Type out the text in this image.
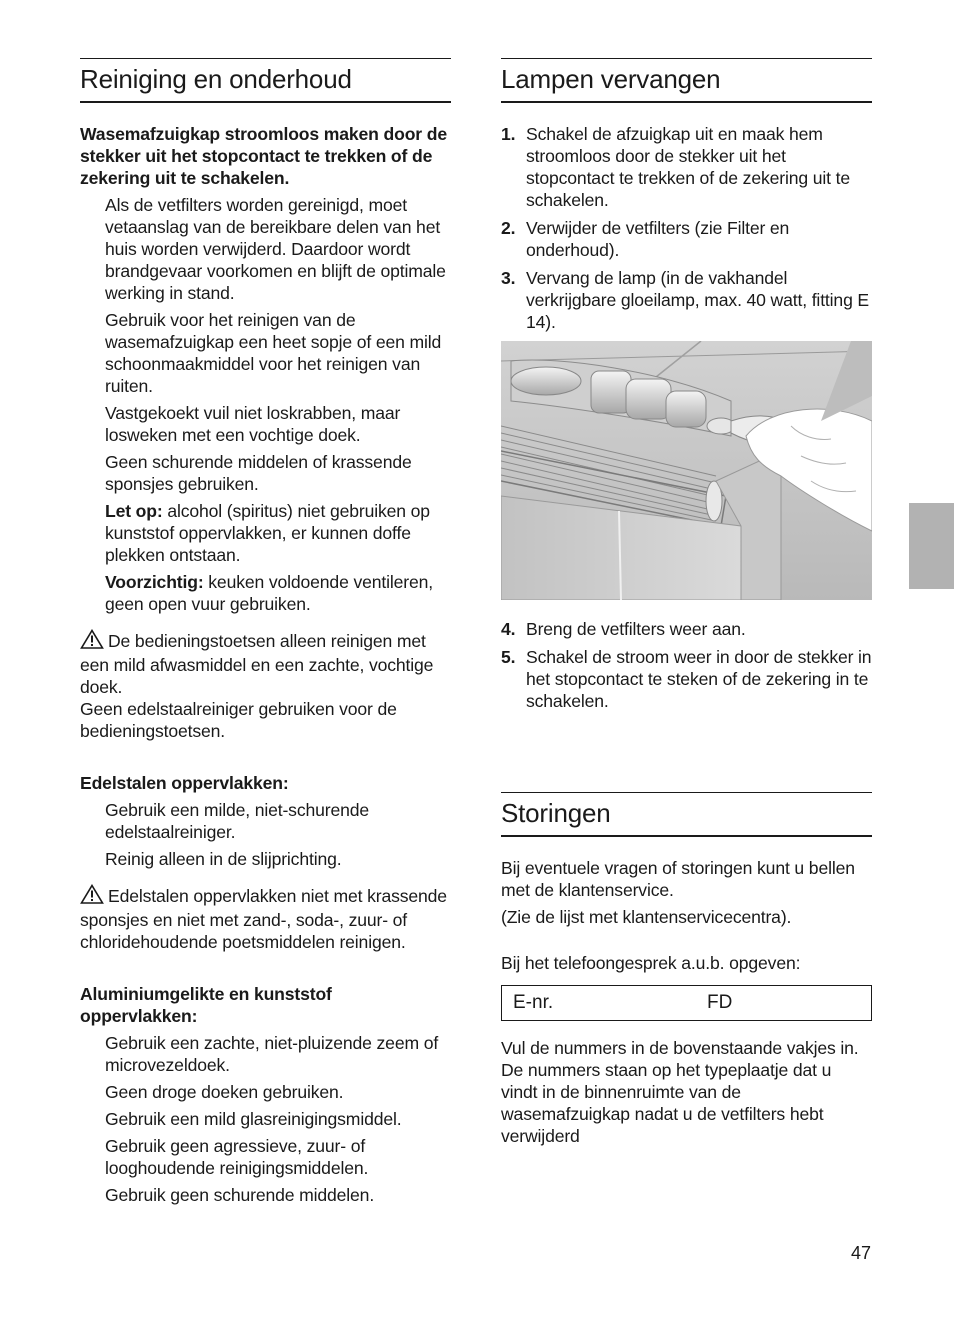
Reiniging en onderhoud

Wasemafzuigkap stroomloos maken door de stekker uit het stopcontact te trekken of de zekering uit te schakelen.

Als de vetfilters worden gereinigd, moet vetaanslag van de bereikbare delen van het huis worden verwijderd. Daardoor wordt brandgevaar voorkomen en blijft de optimale werking in stand.

Gebruik voor het reinigen van de wasemafzuigkap een heet sopje of een mild schoonmaakmiddel voor het reinigen van ruiten.

Vastgekoekt vuil niet loskrabben, maar losweken met een vochtige doek.

Geen schurende middelen of krassende sponsjes gebruiken.

Let op: alcohol (spiritus) niet gebruiken op kunststof oppervlakken, er kunnen doffe plekken ontstaan.

Voorzichtig: keuken voldoende ventileren, geen open vuur gebruiken.

De bedieningstoetsen alleen reinigen met een mild afwasmiddel en een zachte, vochtige doek.

Geen edelstaalreiniger gebruiken voor de bedieningstoetsen.

Edelstalen oppervlakken:

Gebruik een milde, niet-schurende edelstaalreiniger.

Reinig alleen in de slijprichting.

Edelstalen oppervlakken niet met krassende sponsjes en niet met zand-, soda-, zuur- of chloridehoudende poetsmiddelen reinigen.

Aluminiumgelikte en kunststof oppervlakken:

Gebruik een zachte, niet-pluizende zeem of microvezeldoek.

Geen droge doeken gebruiken.

Gebruik een mild glasreinigingsmiddel.

Gebruik geen agressieve, zuur- of looghoudende reinigingsmiddelen.

Gebruik geen schurende middelen.

Lampen vervangen
1. Schakel de afzuigkap uit en maak hem stroomloos door de stekker uit het stopcontact te trekken of de zekering uit te schakelen.
2. Verwijder de vetfilters (zie Filter en onderhoud).
3. Vervang de lamp (in de vakhandel verkrijgbare gloeilamp, max. 40 watt, fitting E 14).
4. Breng de vetfilters weer aan.
5. Schakel de stroom weer in door de stekker in het stopcontact te steken of de zekering in te schakelen.
Storingen

Bij eventuele vragen of storingen kunt u bellen met de klantenservice.

(Zie de lijst met klantenservicecentra).

Bij het telefoongesprek a.u.b. opgeven:

E-nr.	FD

Vul de nummers in de bovenstaande vakjes in. De nummers staan op het typeplaatje dat u vindt in de binnenruimte van de wasemafzuigkap nadat u de vetfilters hebt verwijderd

47
